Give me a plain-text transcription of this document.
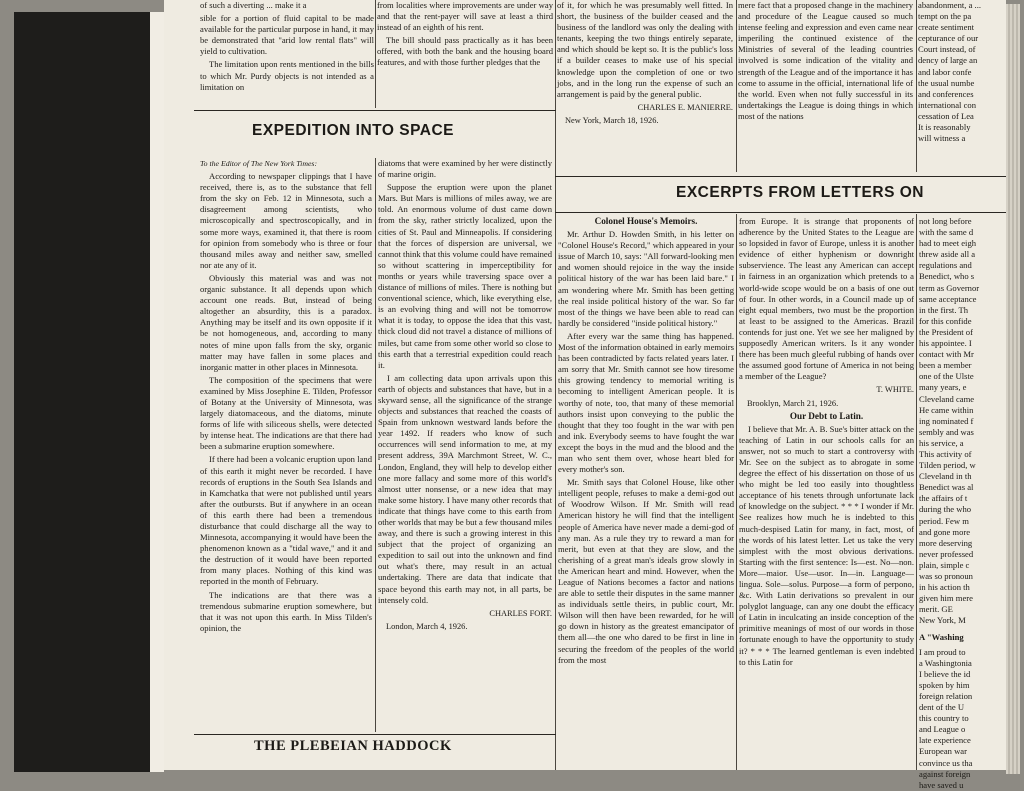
of such a diverting ... make it a

sible for a portion of fluid capital to be made available for the particular purpose in hand, it may be demonstrated that "arid low rental flats" will yield to cultivation.

The limitation upon rents mentioned in the bills to which Mr. Purdy objects is not intended as a limitation on

from localities where improvements are under way and that the rent-payer will save at least a third instead of an eighth of his rent.

The bill should pass practically as it has been offered, with both the bank and the housing board features, and with those further pledges that the

of it, for which he was presumably well fitted. In short, the business of the builder ceased and the business of the landlord was only the dealing with tenants, keeping the two things entirely separate, and which should be kept so. It is the public's loss if a builder ceases to make use of his special knowledge upon the completion of one or two jobs, and in the long run the expense of such an arrangement is paid by the general public.

CHARLES E. MANIERRE.

New York, March 18, 1926.

mere fact that a proposed change in the machinery and procedure of the League caused so much intense feeling and expression and even came near imperiling the continued existence of the Ministries of several of the leading countries involved is some indication of the vitality and strength of the League and of the importance it has come to assume in the official, international life of the world. Even when not fully successful in its undertakings the League is doing things in which most of the nations

abandonment, a ...
tempt on the pa
create sentiment
cepturance of our
Court instead, of
dency of large an
and labor confe
the usual numbe
and conferences
international con
cessation of Lea
It is reasonably
will witness a
EXPEDITION INTO SPACE

To the Editor of The New York Times:

According to newspaper clippings that I have received, there is, as to the substance that fell from the sky on Feb. 12 in Minnesota, such a disagreement among scientists, who microscopically and spectroscopically, and in some more ways, examined it, that there is room for opinion from somebody who is three or four thousand miles away and neither saw, smelled nor ate any of it.

Obviously this material was and was not organic substance. It all depends upon which account one reads. But, instead of being altogether an absurdity, this is a paradox. Anything may be itself and its own opposite if it be not homogeneous, and, according to many notes of mine upon falls from the sky, organic matter may have fallen in some places and inorganic matter in other places in Minnesota.

The composition of the specimens that were examined by Miss Josephine E. Tilden, Professor of Botany at the University of Minnesota, was largely diatomaceous, and the diatoms, minute forms of life with siliceous shells, were detected by intense heat. The indications are that there had been a submarine eruption somewhere.

If there had been a volcanic eruption upon land of this earth it might never be recorded. I have records of eruptions in the South Sea Islands and in Kamchatka that were not published until years after the outbursts. But if anywhere in an ocean of this earth there had been a tremendous disturbance that could discharge all the way to Minnesota, accompanying it would have been the phenomenon known as a "tidal wave," and it and the destruction of it would have been reported from many places. Nothing of this kind was reported in the month of February.

The indications are that there was a tremendous submarine eruption somewhere, but that it was not upon this earth. In Miss Tilden's opinion, the

diatoms that were examined by her were distinctly of marine origin.

Suppose the eruption were upon the planet Mars. But Mars is millions of miles away, we are told. An enormous volume of dust came down from the sky, rather strictly localized, upon the cities of St. Paul and Minneapolis. If considering that the forces of dispersion are universal, we cannot think that this volume could have remained so without scattering in imperceptibility for months or years while traversing space over a distance of millions of miles. There is nothing but conventional science, which, like everything else, is an evolving thing and will not be tomorrow what it is today, to oppose the idea that this vast, thick cloud did not travel a distance of millions of miles, but came from some other world so close to this earth that a terrestrial expedition could reach it.

I am collecting data upon arrivals upon this earth of objects and substances that have, but in a skyward sense, all the significance of the strange objects and substances that reached the coasts of Spain from unknown westward lands before the year 1492. If readers who know of such occurrences will send information to me, at my present address, 39A Marchmont Street, W. C., London, England, they will help to develop either one more fallacy and some more of this world's almost utter nonsense, or a new idea that may make some history. I have many other records that indicate that things have come to this earth from other worlds that may be but a few thousand miles away, and there is such a growing interest in this subject that the project of organizing an expedition to sail out into the unknown and find out what's there, may result in an actual undertaking. There are data that indicate that space beyond this earth may not, in all parts, be intensely cold.

CHARLES FORT.

London, March 4, 1926.

THE PLEBEIAN HADDOCK
EXCERPTS FROM LETTERS ON

Colonel House's Memoirs.

Mr. Arthur D. Howden Smith, in his letter on "Colonel House's Record," which appeared in your issue of March 10, says: "All forward-looking men and women should rejoice in the way the inside political history of the war has been laid bare." I am wondering where Mr. Smith has been getting the real inside political history of the war. So far most of the things we have been able to read can hardly be considered "inside political history."

After every war the same thing has happened. Most of the information obtained in early memoirs has been contradicted by facts related years later. I am sorry that Mr. Smith cannot see how tiresome this growing tendency to memorial writing is becoming to intelligent American people. It is worthy of note, too, that many of these memorial authors insist upon conveying to the public the thought that they too fought in the war with pen and ink. Everybody seems to have fought the war except the boys in the mud and the blood and the man who sent them over, whose heart bled for every mother's son.

Mr. Smith says that Colonel House, like other intelligent people, refuses to make a demi-god out of Woodrow Wilson. If Mr. Smith will read American history he will find that the intelligent people of America have never made a demi-god of any man. As a rule they try to reward a man for merit, but even at that they are slow, and the cherishing of a great man's ideals grow slowly in the American heart and mind. However, when the League of Nations becomes a factor and nations are able to settle their disputes in the same manner as individuals settle theirs, in public court, Mr. Wilson will then have been rewarded, for he will go down in history as the greatest emancipator of them all—the one who dared to be first in line in securing the freedom of the peoples of the world from the most

from Europe. It is strange that proponents of adherence by the United States to the League are so lopsided in favor of Europe, unless it is another evidence of either hyphenism or downright subservience. The least any American can accept in fairness in an organization which pretends to a world-wide scope would be on a basis of one out of four. In other words, in a Council made up of eight equal members, two must be the proportion at least to be assigned to the Americas. Brazil contends for just one. Yet we see her maligned by supposedly American writers. Is it any wonder there has been much gleeful rubbing of hands over the assumed good fortune of America in not being a member of the League?

T. WHITE.

Brooklyn, March 21, 1926.

Our Debt to Latin.

I believe that Mr. A. B. Sue's bitter attack on the teaching of Latin in our schools calls for an answer, not so much to start a controversy with Mr. See on the subject as to abrogate in some degree the effect of his dissertation on those of us who might be led too easily into thoughtless acceptance of his tenets through unfortunate lack of knowledge on the subject. * * * I wonder if Mr. See realizes how much he is indebted to this much-despised Latin for many, in fact, most, of the words of his latest letter. Let us take the very simplest with the most obvious derivations. Starting with the first sentence: Is—est. No—non. More—maior. Use—usor. In—in. Language—lingua. Sole—solus. Purpose—a form of perpono, &c. With Latin derivations so prevalent in our polyglot language, can any one doubt the efficacy of Latin in inculcating an inside conception of the primitive meanings of most of our words in those fortunate enough to have the opportunity to study it? * * * The learned gentleman is even indebted to this Latin for

not long before
with the same d
had to meet eigh
threw aside all a
regulations and
Benedict, who s
term as Governor
same acceptance
in the first. Th
for this confide
the President of
his appointee. I
contact with Mr
been a member
one of the Ulste
many years, e
Cleveland came
He came within
ing nominated f
sembly and was
his service, a
This activity of
Tilden period, w
Cleveland in th
Benedict was al
the affairs of t
during the who
period. Few m
and gone more
more deserving
never professed
plain, simple c
was so pronoun
in his action th
given him mere
merit. GE
New York, M
A "Washing
I am proud to
a Washingtonia
I believe the id
spoken by him
foreign relation
dent of the U
this country to
and League o
late experience
European war
convince us tha
against foreign
have saved u
